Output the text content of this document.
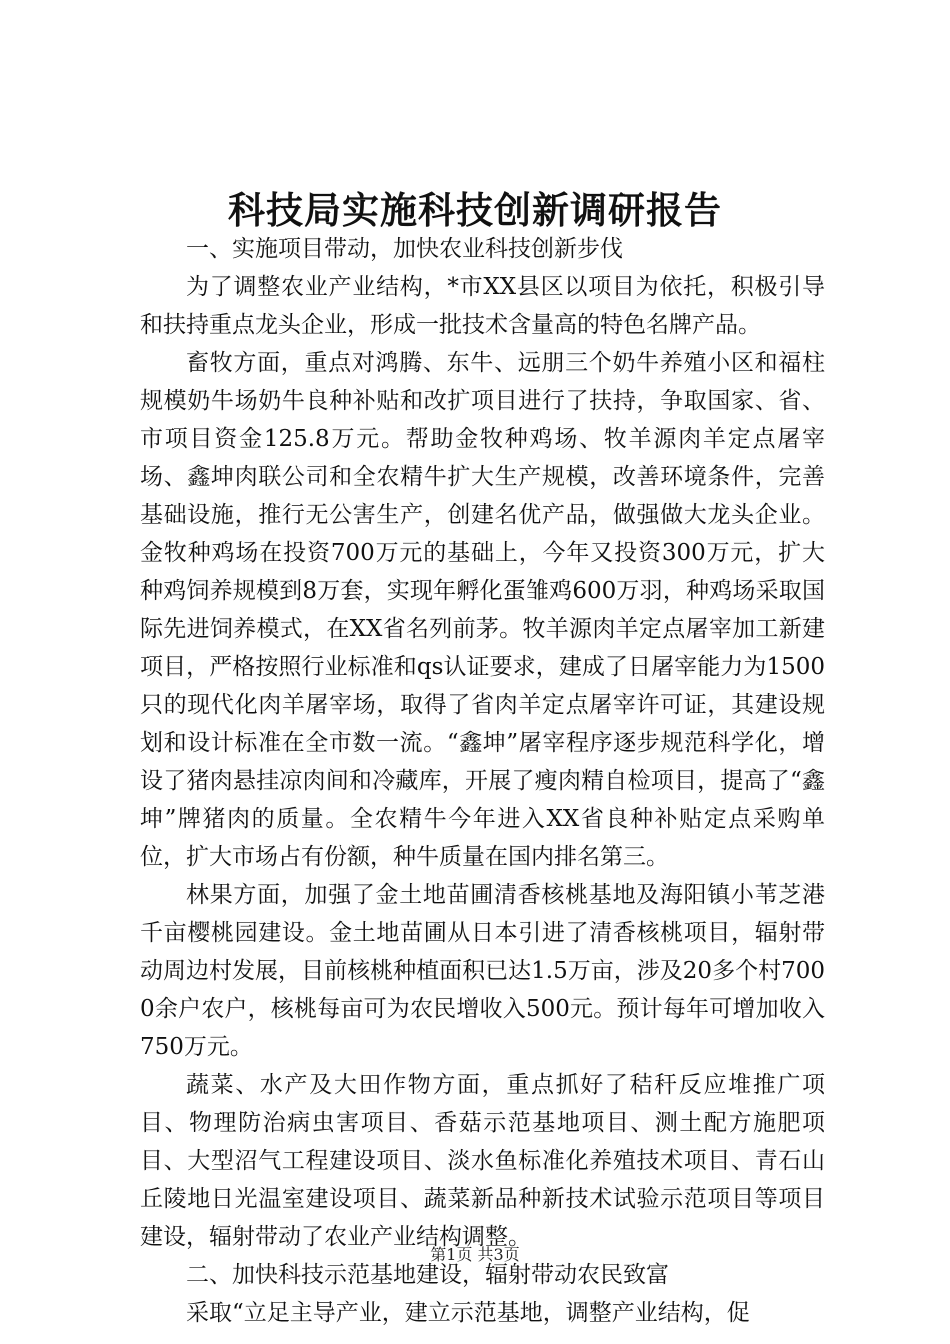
科技局实施科技创新调研报告

一、实施项目带动，加快农业科技创新步伐

为了调整农业产业结构，*市XX县区以项目为依托，积极引导和扶持重点龙头企业，形成一批技术含量高的特色名牌产品。

畜牧方面，重点对鸿腾、东牛、远朋三个奶牛养殖小区和福柱规模奶牛场奶牛良种补贴和改扩项目进行了扶持，争取国家、省、市项目资金125.8万元。帮助金牧种鸡场、牧羊源肉羊定点屠宰场、鑫坤肉联公司和全农精牛扩大生产规模，改善环境条件，完善基础设施，推行无公害生产，创建名优产品，做强做大龙头企业。金牧种鸡场在投资700万元的基础上，今年又投资300万元，扩大种鸡饲养规模到8万套，实现年孵化蛋雏鸡600万羽，种鸡场采取国际先进饲养模式，在XX省名列前茅。牧羊源肉羊定点屠宰加工新建项目，严格按照行业标准和qs认证要求，建成了日屠宰能力为1500只的现代化肉羊屠宰场，取得了省肉羊定点屠宰许可证，其建设规划和设计标准在全市数一流。“鑫坤”屠宰程序逐步规范科学化，增设了猪肉悬挂凉肉间和冷藏库，开展了瘦肉精自检项目，提高了“鑫坤”牌猪肉的质量。全农精牛今年进入XX省良种补贴定点采购单位，扩大市场占有份额，种牛质量在国内排名第三。

林果方面，加强了金土地苗圃清香核桃基地及海阳镇小苇芝港千亩樱桃园建设。金土地苗圃从日本引进了清香核桃项目，辐射带动周边村发展，目前核桃种植面积已达1.5万亩，涉及20多个村7000余户农户，核桃每亩可为农民增收入500元。预计每年可增加收入750万元。

蔬菜、水产及大田作物方面，重点抓好了秸秆反应堆推广项目、物理防治病虫害项目、香菇示范基地项目、测土配方施肥项目、大型沼气工程建设项目、淡水鱼标准化养殖技术项目、青石山丘陵地日光温室建设项目、蔬菜新品种新技术试验示范项目等项目建设，辐射带动了农业产业结构调整。

二、加快科技示范基地建设，辐射带动农民致富

采取“立足主导产业，建立示范基地，调整产业结构，促

第1页 共3页
